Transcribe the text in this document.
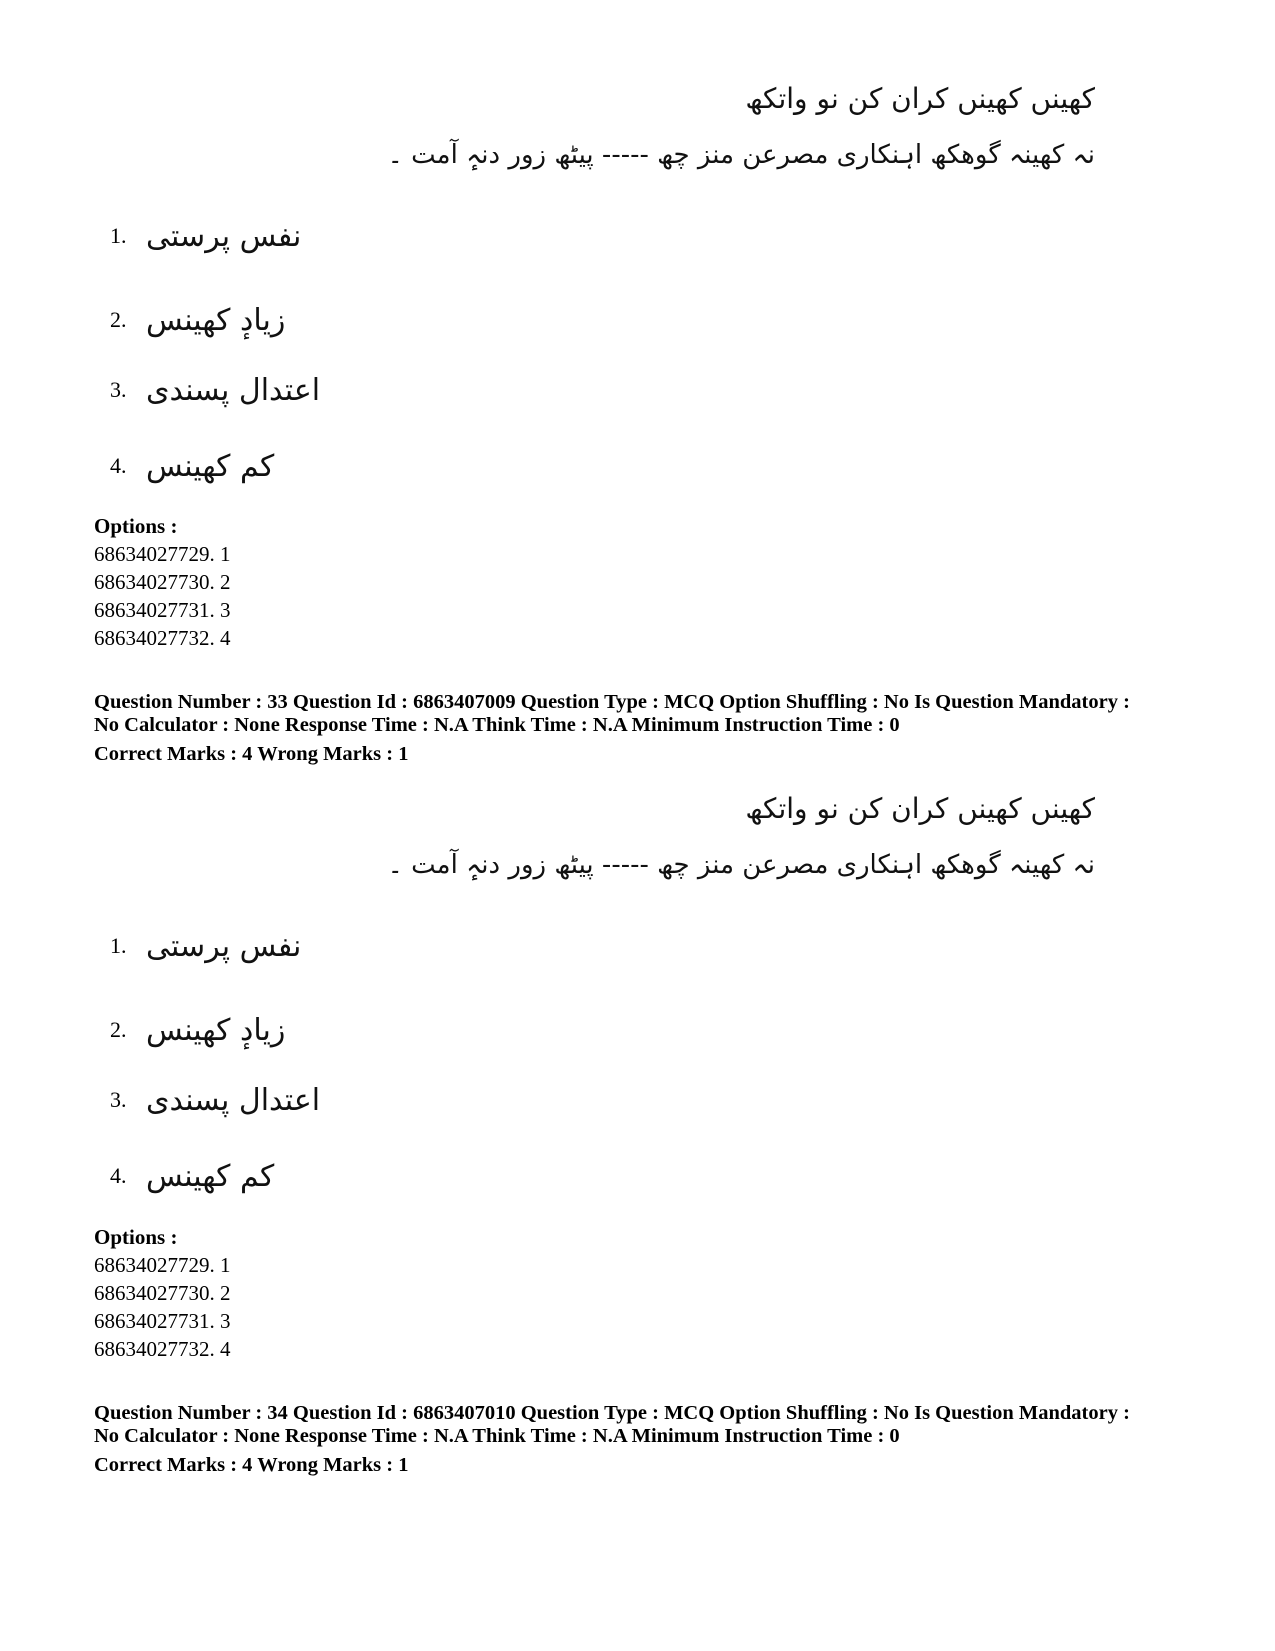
کھینں کھینں کران کن نو واتکھ
نہ کھینہ گوھکھ اہنکاری مصرعن منز چھ ----- پیٹھ زور دنہٕ آمت ۔
1. نفس پرستی
2. زیادٕ کھینس
3. اعتدال پسندی
4. کم کھینس
Options :
68634027729. 1
68634027730. 2
68634027731. 3
68634027732. 4
Question Number : 33 Question Id : 6863407009 Question Type : MCQ Option Shuffling : No Is Question Mandatory :
No Calculator : None Response Time : N.A Think Time : N.A Minimum Instruction Time : 0
Correct Marks : 4 Wrong Marks : 1
کھینں کھینں کران کن نو واتکھ
نہ کھینہ گوھکھ اہنکاری مصرعن منز چھ ----- پیٹھ زور دنہٕ آمت ۔
1. نفس پرستی
2. زیادٕ کھینس
3. اعتدال پسندی
4. کم کھینس
Options :
68634027729. 1
68634027730. 2
68634027731. 3
68634027732. 4
Question Number : 34 Question Id : 6863407010 Question Type : MCQ Option Shuffling : No Is Question Mandatory :
No Calculator : None Response Time : N.A Think Time : N.A Minimum Instruction Time : 0
Correct Marks : 4 Wrong Marks : 1
